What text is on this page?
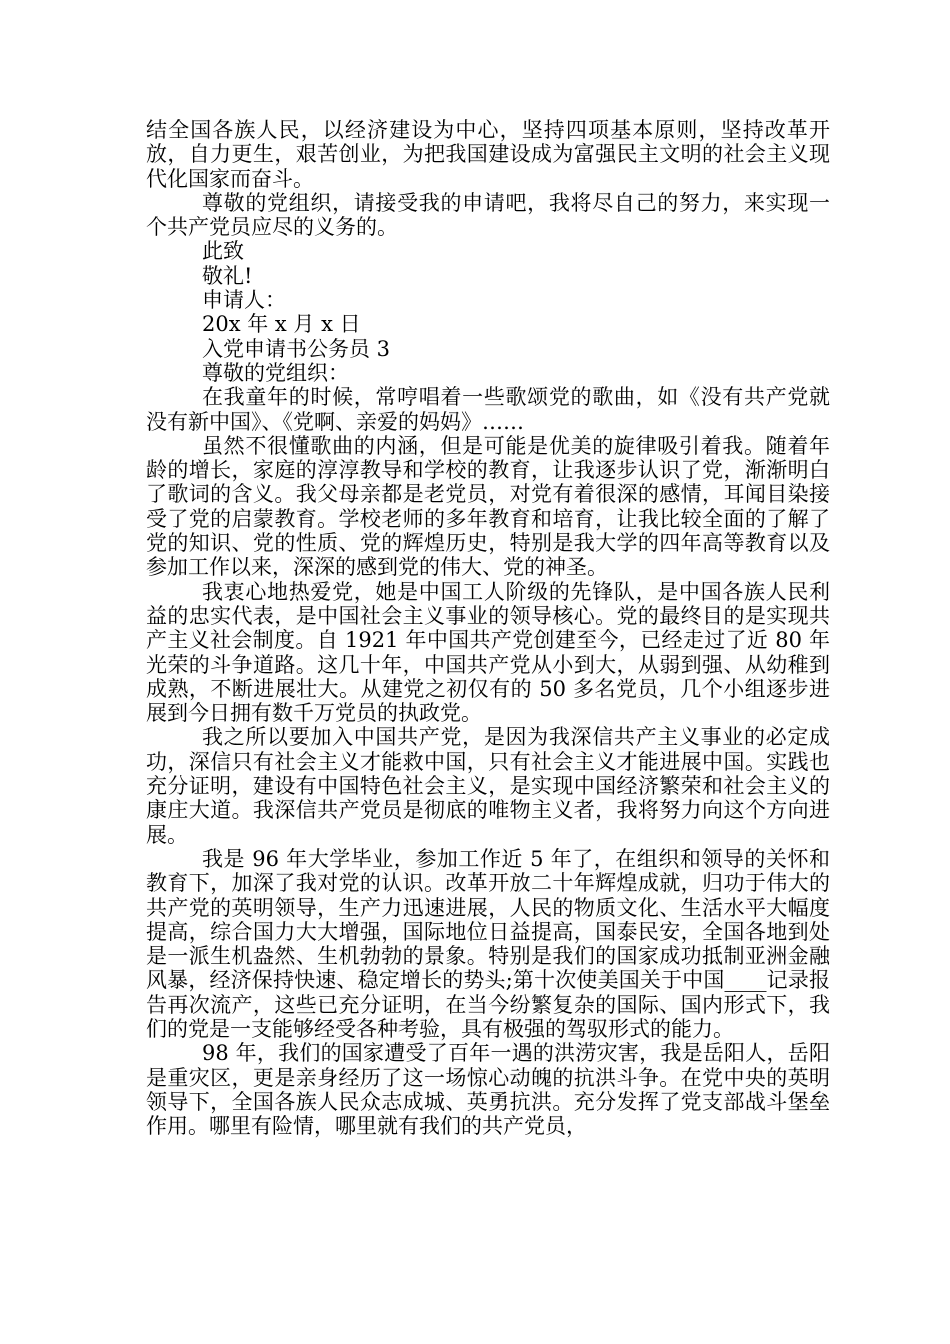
结全国各族人民，以经济建设为中心，坚持四项基本原则，坚持改革开放，自力更生，艰苦创业，为把我国建设成为富强民主文明的社会主义现代化国家而奋斗。

尊敬的党组织，请接受我的申请吧，我将尽自己的努力，来实现一个共产党员应尽的义务的。

此致

敬礼!

申请人：

20x 年 x 月 x 日

入党申请书公务员 3

尊敬的党组织：

在我童年的时候，常哼唱着一些歌颂党的歌曲，如《没有共产党就没有新中国》、《党啊、亲爱的妈妈》……

虽然不很懂歌曲的内涵，但是可能是优美的旋律吸引着我。随着年龄的增长，家庭的淳淳教导和学校的教育，让我逐步认识了党，渐渐明白了歌词的含义。我父母亲都是老党员，对党有着很深的感情，耳闻目染接受了党的启蒙教育。学校老师的多年教育和培育，让我比较全面的了解了党的知识、党的性质、党的辉煌历史，特别是我大学的四年高等教育以及参加工作以来，深深的感到党的伟大、党的神圣。

我衷心地热爱党，她是中国工人阶级的先锋队，是中国各族人民利益的忠实代表，是中国社会主义事业的领导核心。党的最终目的是实现共产主义社会制度。自 1921 年中国共产党创建至今，已经走过了近 80 年光荣的斗争道路。这几十年，中国共产党从小到大，从弱到强、从幼稚到成熟，不断进展壮大。从建党之初仅有的 50 多名党员，几个小组逐步进展到今日拥有数千万党员的执政党。

我之所以要加入中国共产党，是因为我深信共产主义事业的必定成功，深信只有社会主义才能救中国，只有社会主义才能进展中国。实践也充分证明，建设有中国特色社会主义，是实现中国经济繁荣和社会主义的康庄大道。我深信共产党员是彻底的唯物主义者，我将努力向这个方向进展。

我是 96 年大学毕业，参加工作近 5 年了，在组织和领导的关怀和教育下，加深了我对党的认识。改革开放二十年辉煌成就，归功于伟大的共产党的英明领导，生产力迅速进展，人民的物质文化、生活水平大幅度提高，综合国力大大增强，国际地位日益提高，国泰民安，全国各地到处是一派生机盎然、生机勃勃的景象。特别是我们的国家成功抵制亚洲金融风暴，经济保持快速、稳定增长的势头;第十次使美国关于中国____记录报告再次流产，这些已充分证明，在当今纷繁复杂的国际、国内形式下，我们的党是一支能够经受各种考验，具有极强的驾驭形式的能力。

98 年，我们的国家遭受了百年一遇的洪涝灾害，我是岳阳人，岳阳是重灾区，更是亲身经历了这一场惊心动魄的抗洪斗争。在党中央的英明领导下，全国各族人民众志成城、英勇抗洪。充分发挥了党支部战斗堡垒作用。哪里有险情，哪里就有我们的共产党员，
